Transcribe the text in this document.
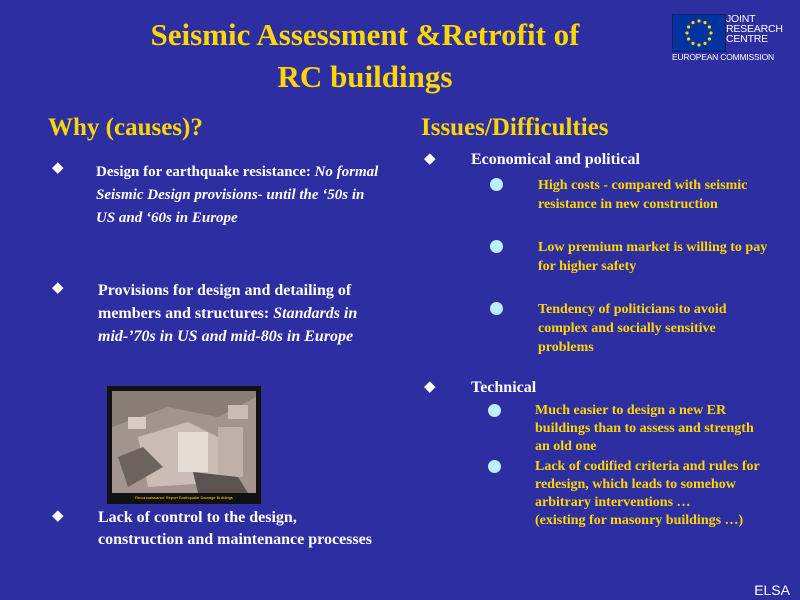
Seismic Assessment &Retrofit of
RC buildings
JOINT
RESEARCH
CENTRE
EUROPEAN COMMISSION
Why (causes)?
◆ Design for earthquake resistance: No formal Seismic Design provisions- until the ‘50s in US and ‘60s in Europe
◆ Provisions for design and detailing of members and structures: Standards in mid-’70s in US and mid-80s in Europe
Reconnaissance Report Earthquake Damage Buildings
◆ Lack of control to the design, construction and maintenance processes
Issues/Difficulties
◆ Economical and political
High costs - compared with seismic resistance in new construction
Low premium market is willing to pay for higher safety
Tendency of politicians to avoid complex and socially sensitive problems
◆ Technical
Much easier to design a new ER buildings than to assess and strength an old one
Lack of codified criteria and rules for redesign, which leads to somehow arbitrary interventions …
(existing for masonry buildings …)
ELSA
